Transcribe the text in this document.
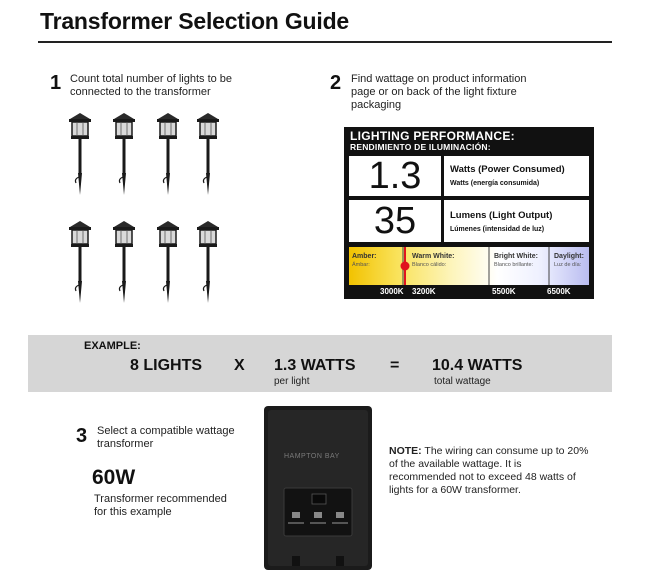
Transformer Selection Guide
1 Count total number of lights to be
connected to the transformer	2 Find wattage on product information
page or on back of the light fixture
packaging
LIGHTING PERFORMANCE:
RENDIMIENTO DE ILUMINACIÓN:
1.3	Watts (Power Consumed)
Watts (energía consumida)
35	Lumens (Light Output)
Lúmenes (intensidad de luz)
Amber:
Ámbar:
Warm White:
Blanco cálido:
Bright White:
Blanco brillante:
Daylight:
Luz de día:
3000K 3200K	5500K	6500K
EXAMPLE:
8 LIGHTS X 1.3 WATTS
per light
= 10.4 WATTS
total wattage
3 Select a compatible wattage
transformer
60W
Transformer recommended
for this example
HAMPTON BAY	NOTE: The wiring can consume up to 20% of the available wattage. It is recommended not to exceed 48 watts of lights for a 60W transformer.
